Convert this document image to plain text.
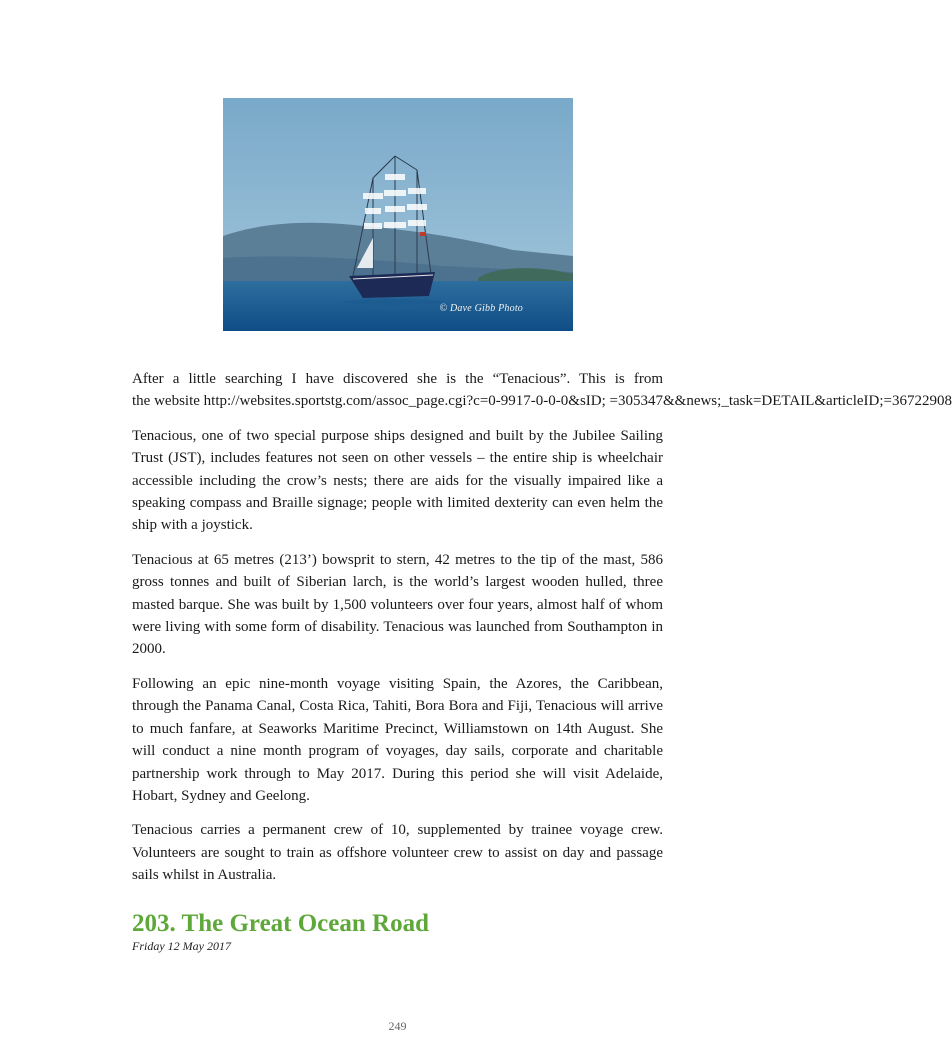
© Dave Gibb Photo

After a little searching I have discovered she is the “Tenacious”. This is from
the website http://websites.sportstg.com/assoc_page.cgi?c=0-9917-0-0-0&sID; =305347&&news;_task=DETAIL&articleID;=36722908

Tenacious, one of two special purpose ships designed and built by the Jubilee Sailing Trust (JST), includes features not seen on other vessels – the entire ship is wheelchair accessible including the crow’s nests; there are aids for the visually impaired like a speaking compass and Braille signage; people with limited dexterity can even helm the ship with a joystick.

Tenacious at 65 metres (213’) bowsprit to stern, 42 metres to the tip of the mast, 586 gross tonnes and built of Siberian larch, is the world’s largest wooden hulled, three masted barque. She was built by 1,500 volunteers over four years, almost half of whom were living with some form of disability. Tenacious was launched from Southampton in 2000.

Following an epic nine-month voyage visiting Spain, the Azores, the Caribbean, through the Panama Canal, Costa Rica, Tahiti, Bora Bora and Fiji, Tenacious will arrive to much fanfare, at Seaworks Maritime Precinct, Williamstown on 14th August. She will conduct a nine month program of voyages, day sails, corporate and charitable partnership work through to May 2017. During this period she will visit Adelaide, Hobart, Sydney and Geelong.

Tenacious carries a permanent crew of 10, supplemented by trainee voyage crew. Volunteers are sought to train as offshore volunteer crew to assist on day and passage sails whilst in Australia.

203. The Great Ocean Road
Friday 12 May 2017
249
